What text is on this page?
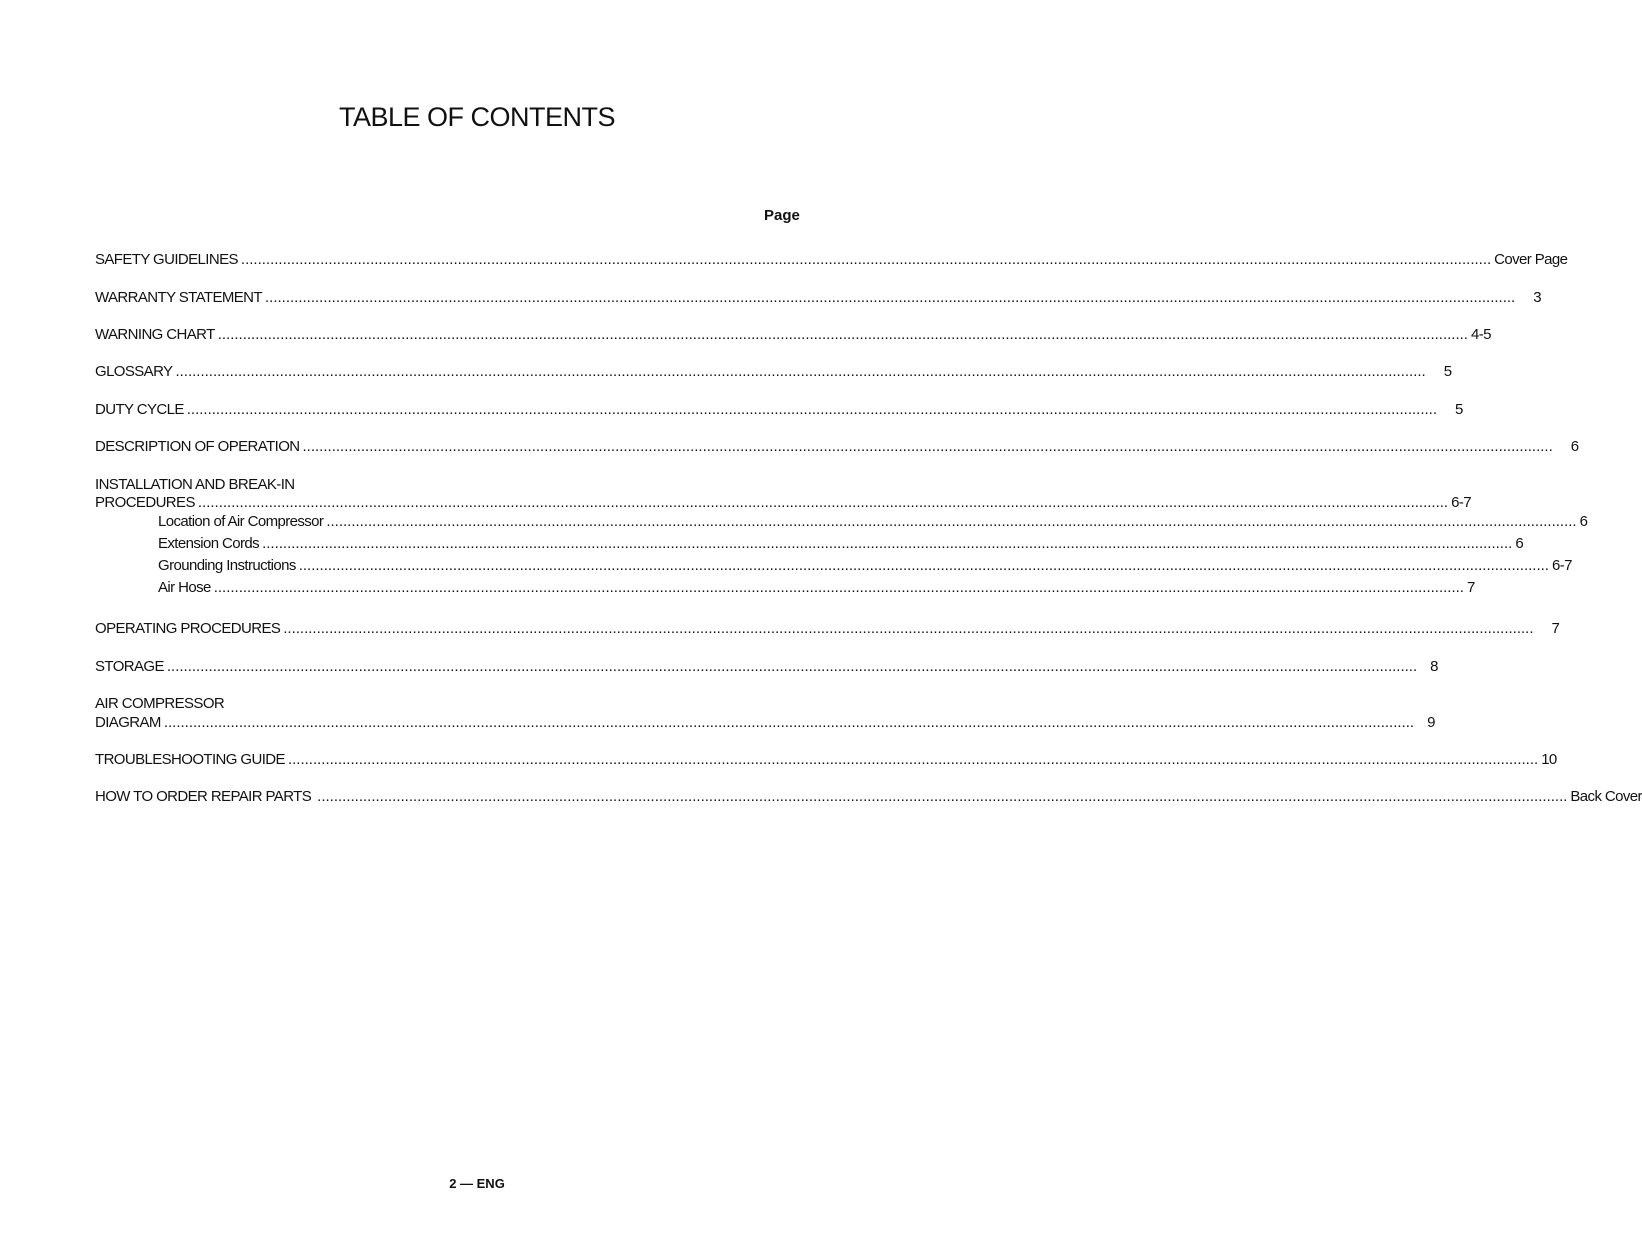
TABLE OF CONTENTS
Page
SAFETY GUIDELINES ............................................................................................................................................................................................................................................................................................................ Cover Page
WARRANTY STATEMENT ............................................................................................................................................................................................................................................................................................................ 3
WARNING CHART ............................................................................................................................................................................................................................................................................................................ 4-5
GLOSSARY ............................................................................................................................................................................................................................................................................................................ 5
DUTY CYCLE ............................................................................................................................................................................................................................................................................................................ 5
DESCRIPTION OF OPERATION ............................................................................................................................................................................................................................................................................................................ 6
INSTALLATION AND BREAK-IN
PROCEDURES ............................................................................................................................................................................................................................................................................................................ 6-7
Location of Air Compressor ............................................................................................................................................................................................................................................................................................................ 6
Extension Cords ............................................................................................................................................................................................................................................................................................................ 6
Grounding Instructions ............................................................................................................................................................................................................................................................................................................ 6-7
Air Hose ............................................................................................................................................................................................................................................................................................................ 7
OPERATING PROCEDURES ............................................................................................................................................................................................................................................................................................................ 7
STORAGE ............................................................................................................................................................................................................................................................................................................ 8
AIR COMPRESSOR
DIAGRAM ............................................................................................................................................................................................................................................................................................................ 9
TROUBLESHOOTING GUIDE ............................................................................................................................................................................................................................................................................................................ 10
HOW TO ORDER REPAIR PARTS ............................................................................................................................................................................................................................................................................................................ Back Cover
2 — ENG
